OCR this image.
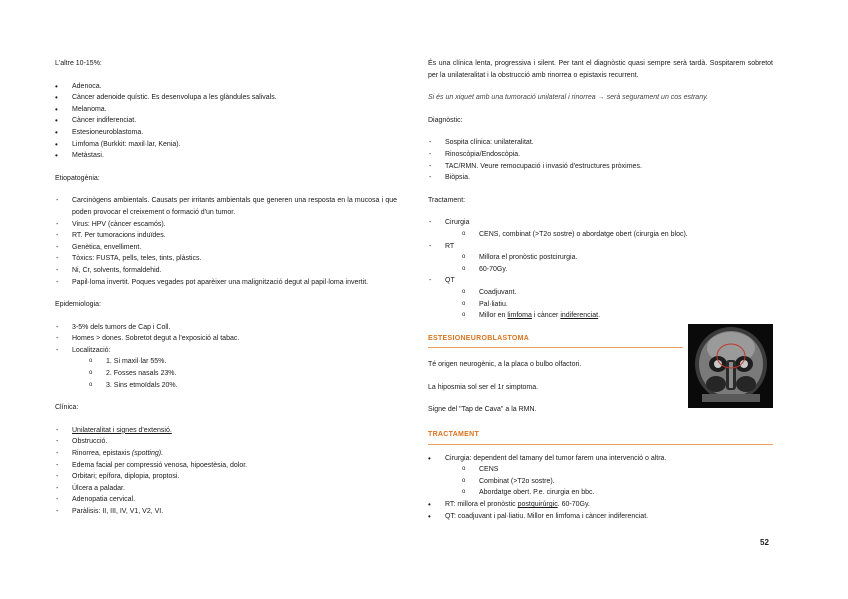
L'altre 10-15%:

• Adenoca.
• Càncer adenoide quístic. Es desenvolupa a les glàndules salivals.
• Melanoma.
• Càncer indiferenciat.
• Estesioneuroblastoma.
• Limfoma (Burkkit: maxil·lar, Kenia).
• Metàstasi.

Etiopatogènia:

- Carcinògens ambientals. Causats per irritants ambientals que generen una resposta en la mucosa i que poden provocar el creixement o formació d'un tumor.
- Virus: HPV (càncer escamós).
- RT. Per tumoracions induïdes.
- Genètica, envelliment.
- Tòxics: FUSTA, pells, teles, tints, plàstics.
- Ni, Cr, solvents, formaldehid.
- Papil·loma invertit. Poques vegades pot aparèixer una malignització degut al papil·loma invertit.

Epidemiologia:

- 3-5% dels tumors de Cap i Coll.
- Homes > dones. Sobretot degut a l'exposició al tabac.
- Localització:
o 1. Si maxil·lar 55%.
o 2. Fosses nasals 23%.
o 3. Sins etmoïdals 20%.

Clínica:

- Unilateralitat i signes d'extensió.
- Obstrucció.
- Rinorrea, epistaxis (spotting).
- Edema facial per compressió venosa, hipoestèsia, dolor.
- Orbitari; epífora, diplopia, proptosi.
- Úlcera a paladar.
- Adenopatia cervical.
- Paràlisis: II, III, IV, V1, V2, VI.

És una clínica lenta, progressiva i silent. Per tant el diagnòstic quasi sempre serà tardà. Sospitarem sobretot per la unilateralitat i la obstrucció amb rinorrea o epistaxis recurrent.

Si és un xiquet amb una tumoració unilateral i rinorrea → serà segurament un cos estrany.

Diagnòstic:

- Sospita clínica: unilateralitat.
- Rinoscòpia/Endoscòpia.
- TAC/RMN. Veure remocupació i invasió d'estructures pròximes.
- Biòpsia.

Tractament:

- Cirurgia
o CENS, combinat (>T2o sostre) o abordatge obert (cirurgia en bloc).
- RT
o Millora el pronòstic postcirurgia.
o 60-70Gy.
- QT
o Coadjuvant.
o Pal·liatiu.
o Millor en limfoma i càncer indiferenciat.

ESTESIONEUROBLASTOMA

Té origen neurogènic, a la placa o bulbo olfactori.

La hiposmia sol ser el 1r simptoma.

Signe del "Tap de Cava" a la RMN.

TRACTAMENT

• Cirurgia: dependent del tamany del tumor farem una intervenció o altra.
o CENS
o Combinat (>T2o sostre).
o Abordatge obert. P.e. cirurgia en bbc.
• RT: millora el pronòstic postquirúrgic. 60-70Gy.
• QT: coadjuvant i pal·liatiu. Millor en limfoma i càncer indiferenciat.
52
